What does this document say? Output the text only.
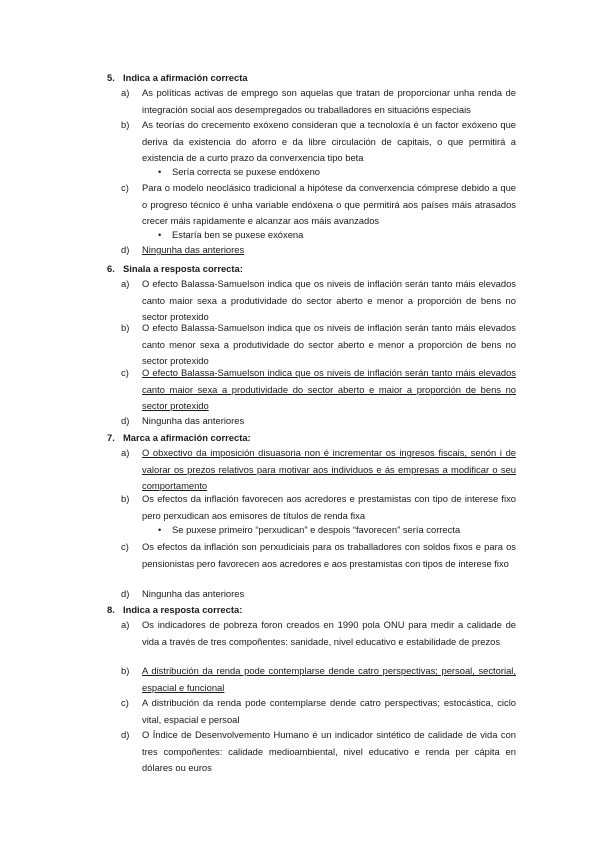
5. Indica a afirmación correcta
a) As políticas activas de emprego son aquelas que tratan de proporcionar unha renda de integración social aos desempregados ou traballadores en situacións especiais
b) As teorías do crecemento exóxeno consideran que a tecnoloxía é un factor exóxeno que deriva da existencia do aforro e da libre circulación de capitais, o que permitirá a existencia de a curto prazo da converxencia tipo beta
• Sería correcta se puxese endóxeno
c) Para o modelo neoclásico tradicional a hipótese da converxencia cómprese debido a que o progreso técnico é unha variable endóxena o que permitirá aos países máis atrasados crecer máis rapidamente e alcanzar aos máis avanzados
• Estaría ben se puxese exóxena
d) Ningunha das anteriores
6. Sinala a resposta correcta:
a) O efecto Balassa-Samuelson indica que os niveis de inflación serán tanto máis elevados canto maior sexa a produtividade do sector aberto e menor a proporción de bens no sector protexido
b) O efecto Balassa-Samuelson indica que os niveis de inflación serán tanto máis elevados canto menor sexa a produtividade do sector aberto e menor a proporción de bens no sector protexido
c) O efecto Balassa-Samuelson indica que os niveis de inflación serán tanto máis elevados canto maior sexa a produtividade do sector aberto e maior a proporción de bens no sector protexido
d) Ningunha das anteriores
7. Marca a afirmación correcta:
a) O obxectivo da imposición disuasoria non é incrementar os ingresos fiscais, senón i de valorar os prezos relativos para motivar aos individuos e ás empresas a modificar o seu comportamento
b) Os efectos da inflación favorecen aos acredores e prestamistas con tipo de interese fixo pero perxudican aos emisores de títulos de renda fixa
• Se puxese primeiro “perxudican” e despois “favorecen” sería correcta
c) Os efectos da inflación son perxudiciais para os traballadores con soldos fixos e para os pensionistas pero favorecen aos acredores e aos prestamistas con tipos de interese fixo
d) Ningunha das anteriores
8. Indica a resposta correcta:
a) Os indicadores de pobreza foron creados en 1990 pola ONU para medir a calidade de vida a través de tres compoñentes: sanidade, nivel educativo e estabilidade de prezos
b) A distribución da renda pode contemplarse dende catro perspectivas; persoal, sectorial, espacial e funcional
c) A distribución da renda pode contemplarse dende catro perspectivas; estocástica, ciclo vital, espacial e persoal
d) O Índice de Desenvolvemento Humano é un indicador sintético de calidade de vida con tres compoñentes: calidade medioambiental, nivel educativo e renda per cápita en dólares ou euros
